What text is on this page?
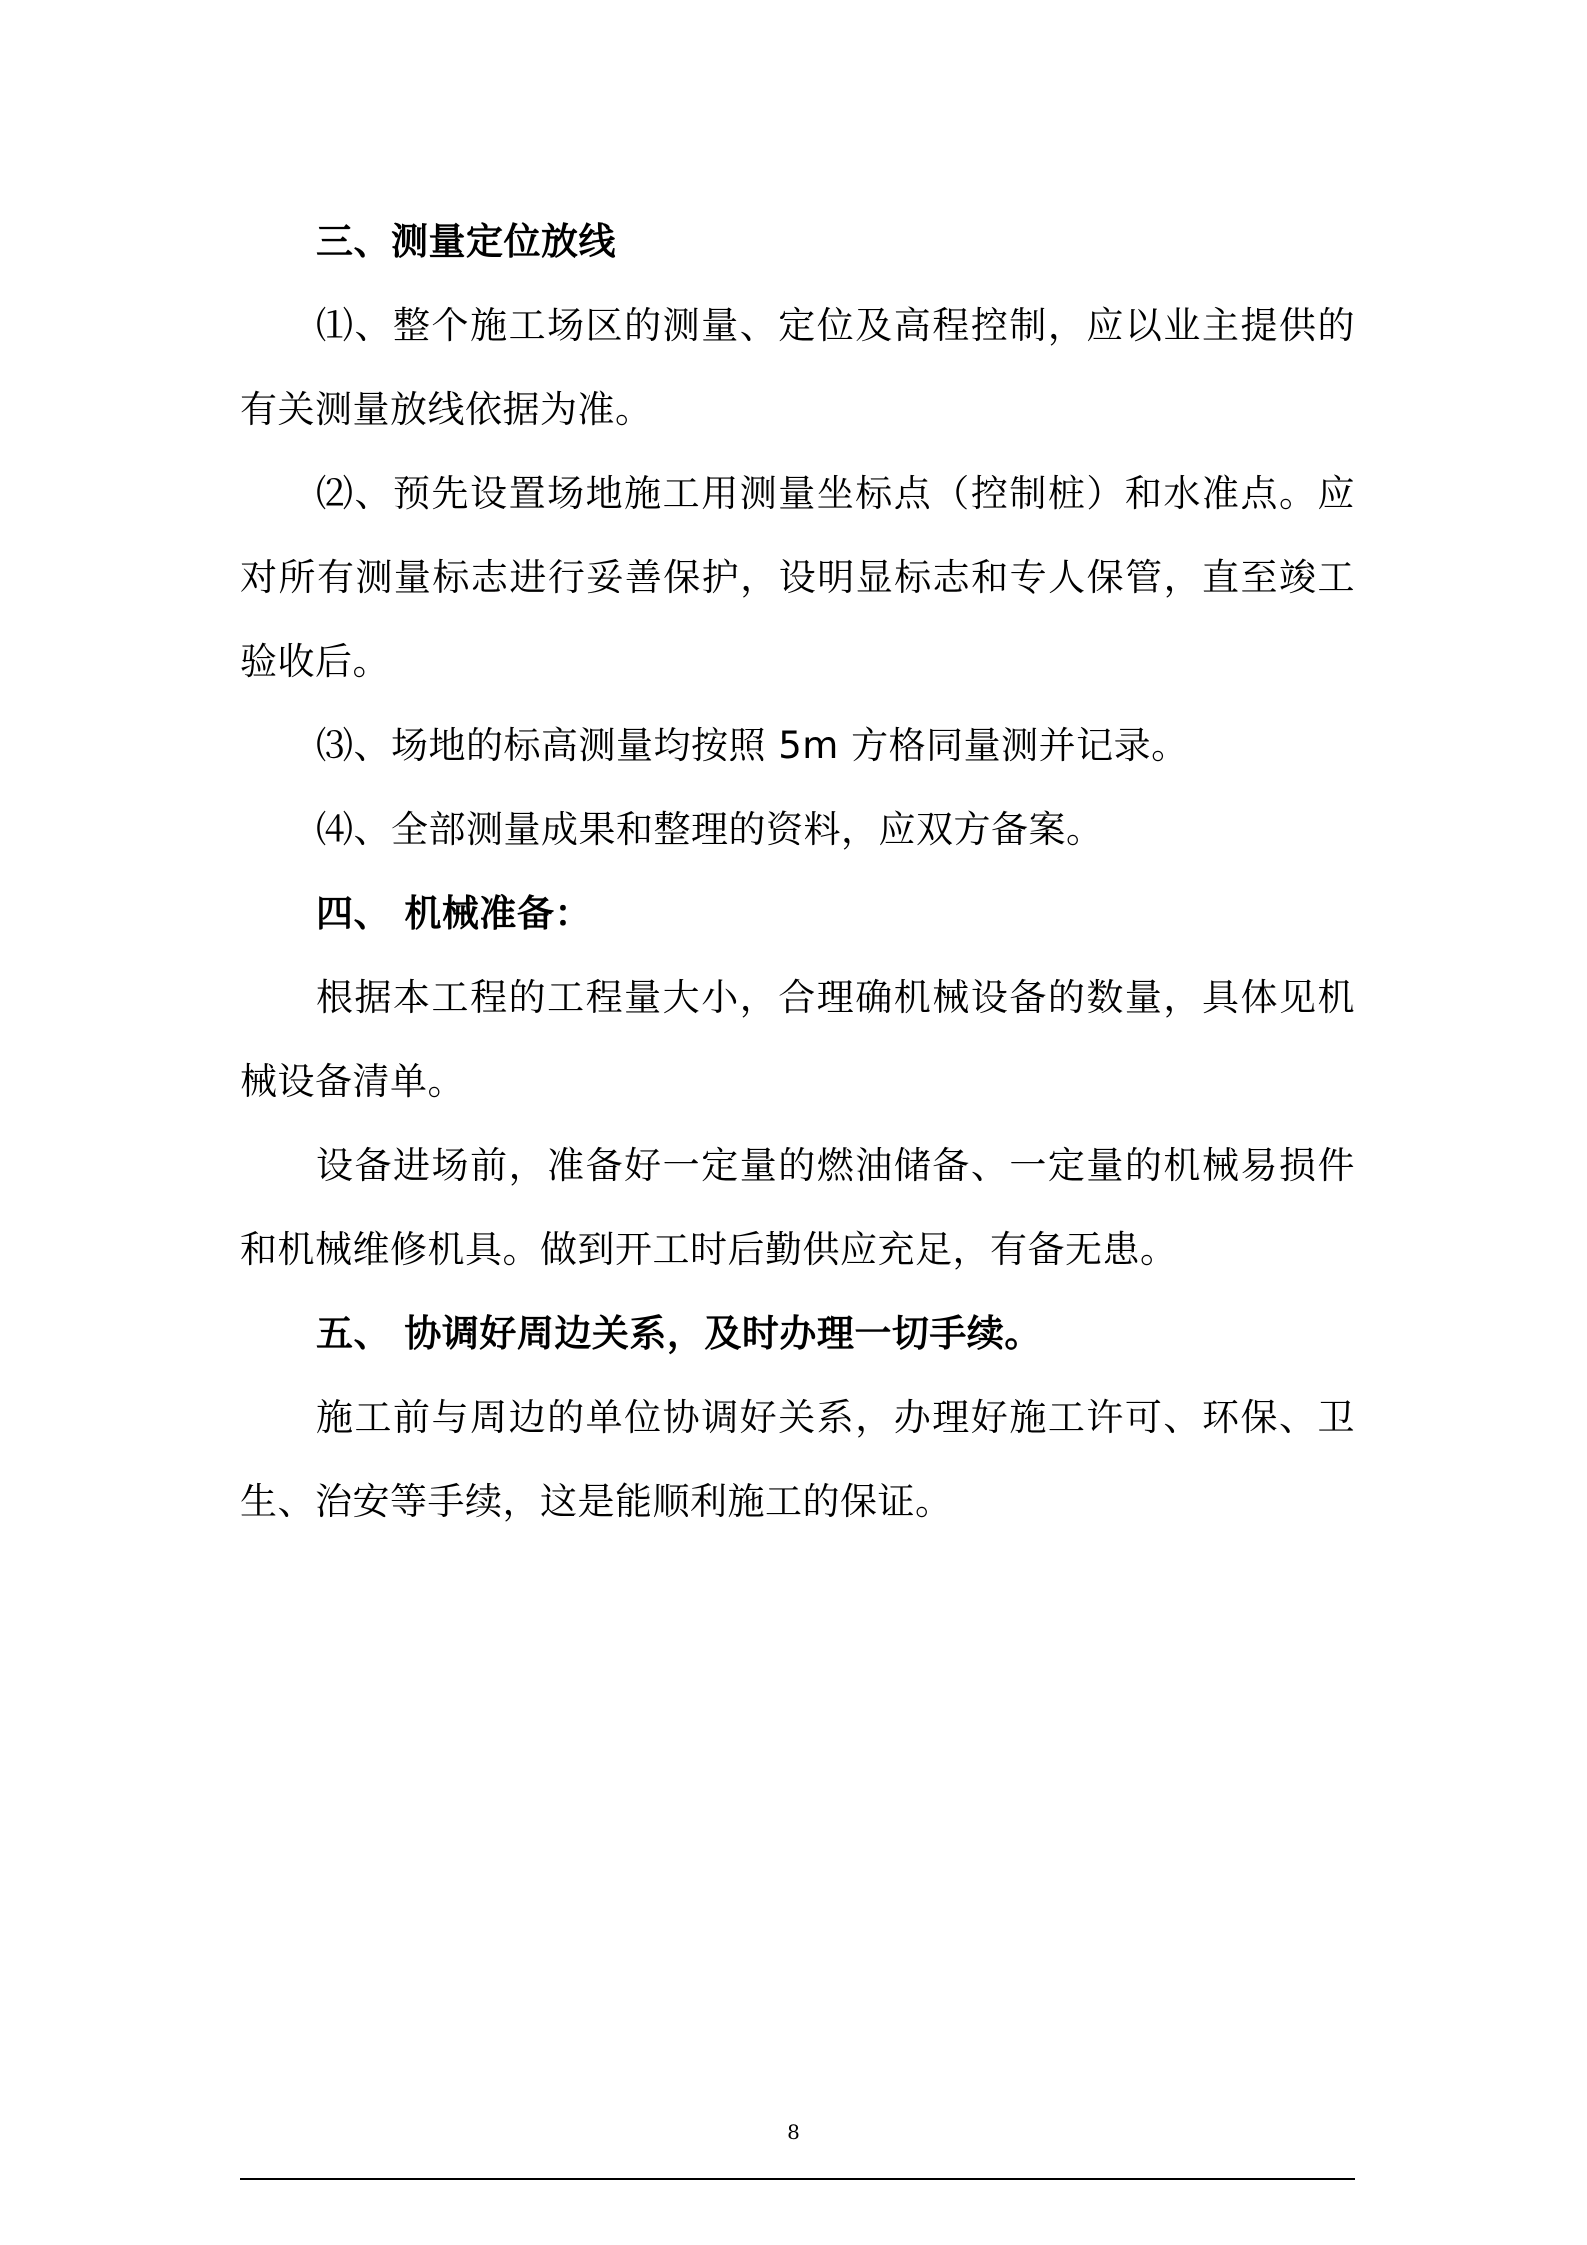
三、测量定位放线

⑴、整个施工场区的测量、定位及高程控制，应以业主提供的有关测量放线依据为准。

⑵、预先设置场地施工用测量坐标点（控制桩）和水准点。应对所有测量标志进行妥善保护，设明显标志和专人保管，直至竣工验收后。

⑶、场地的标高测量均按照 5m 方格同量测并记录。

⑷、全部测量成果和整理的资料，应双方备案。

四、 机械准备：

根据本工程的工程量大小，合理确机械设备的数量，具体见机械设备清单。

设备进场前，准备好一定量的燃油储备、一定量的机械易损件和机械维修机具。做到开工时后勤供应充足，有备无患。

五、 协调好周边关系，及时办理一切手续。

施工前与周边的单位协调好关系，办理好施工许可、环保、卫生、治安等手续，这是能顺利施工的保证。

8
